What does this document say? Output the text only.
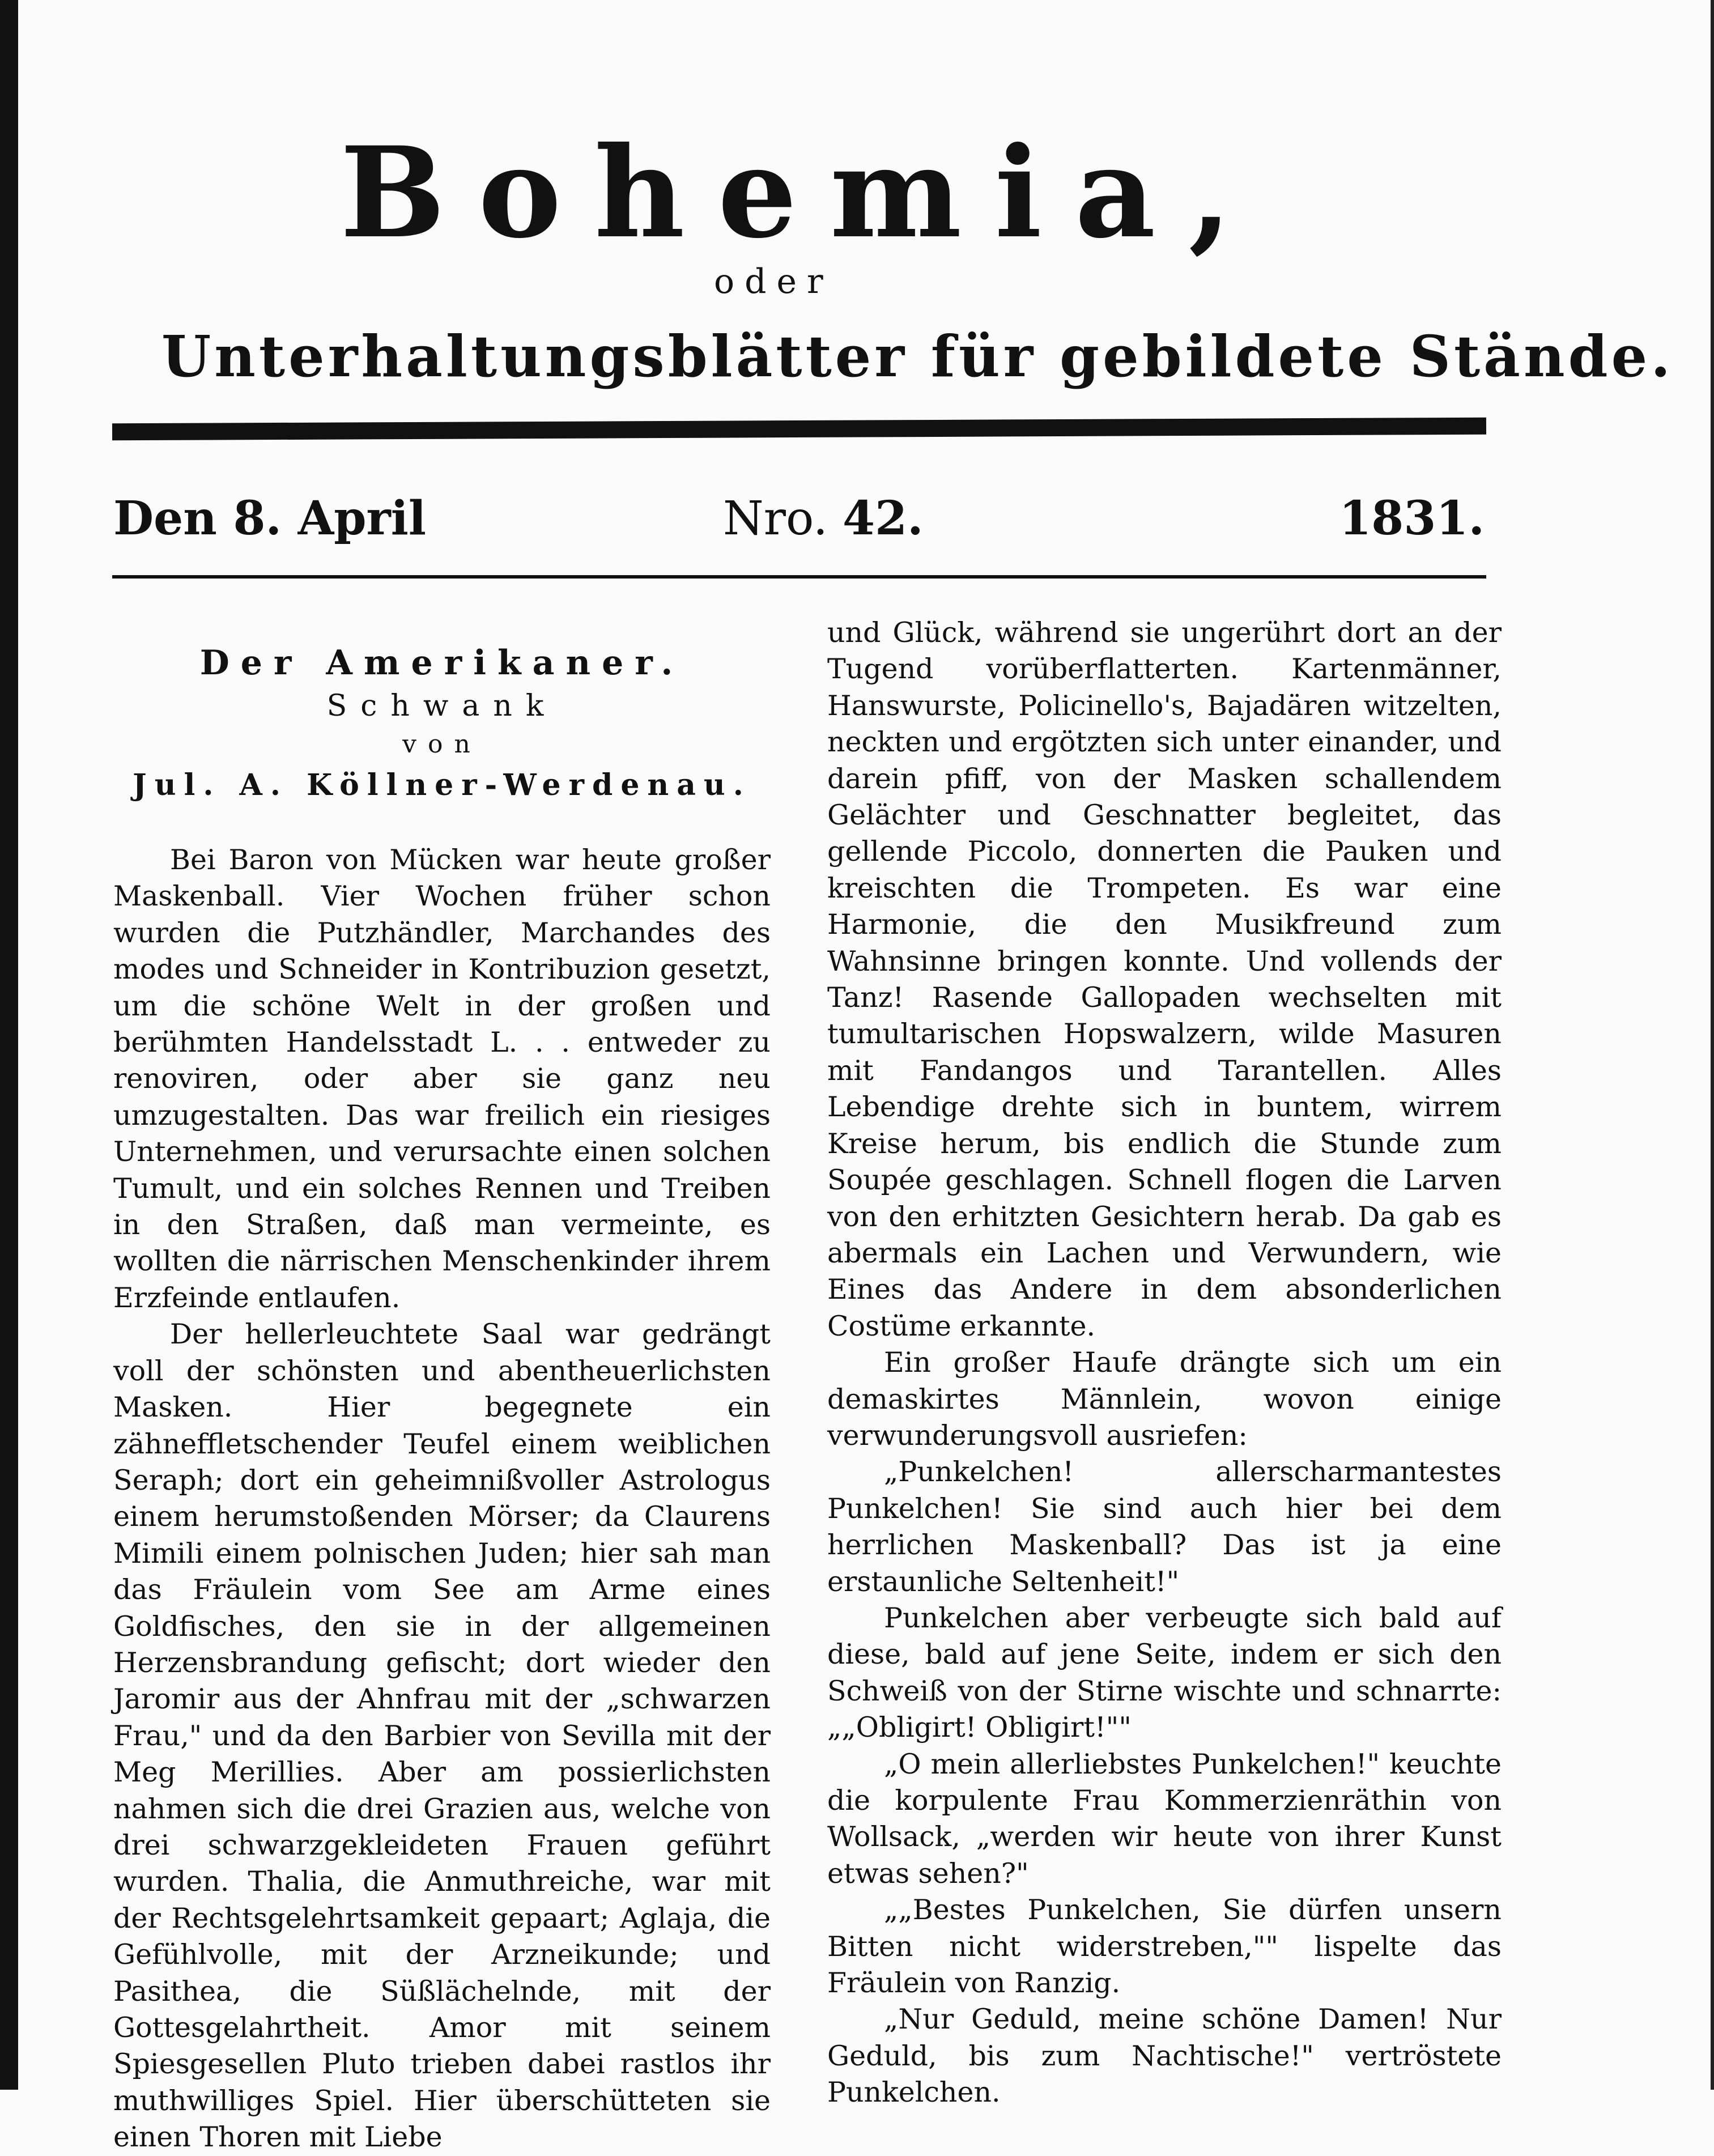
Bohemia,
oder
Unterhaltungsblätter für gebildete Stände.
Den 8. April	Nro. 42.	1831.
Der Amerikaner.
Schwank
von
Jul. A. Köllner-Werdenau.

Bei Baron von Mücken war heute großer Maskenball. Vier Wochen früher schon wurden die Putzhändler, Marchandes des modes und Schneider in Kontribuzion gesetzt, um die schöne Welt in der großen und berühmten Handelsstadt L. . . entweder zu renoviren, oder aber sie ganz neu umzugestalten. Das war freilich ein riesiges Unternehmen, und verursachte einen solchen Tumult, und ein solches Rennen und Treiben in den Straßen, daß man vermeinte, es wollten die närrischen Menschenkinder ihrem Erzfeinde entlaufen.

Der hellerleuchtete Saal war gedrängt voll der schönsten und abentheuerlichsten Masken. Hier begegnete ein zähneffletschender Teufel einem weiblichen Seraph; dort ein geheimnißvoller Astrologus einem herumstoßenden Mörser; da Claurens Mimili einem polnischen Juden; hier sah man das Fräulein vom See am Arme eines Goldfisches, den sie in der allgemeinen Herzensbrandung gefischt; dort wieder den Jaromir aus der Ahnfrau mit der „schwarzen Frau," und da den Barbier von Sevilla mit der Meg Merillies. Aber am possierlichsten nahmen sich die drei Grazien aus, welche von drei schwarzgekleideten Frauen geführt wurden. Thalia, die Anmuthreiche, war mit der Rechtsgelehrtsamkeit gepaart; Aglaja, die Gefühlvolle, mit der Arzneikunde; und Pasithea, die Süßlächelnde, mit der Gottesgelahrtheit. Amor mit seinem Spiesgesellen Pluto trieben dabei rastlos ihr muthwilliges Spiel. Hier überschütteten sie einen Thoren mit Liebe

und Glück, während sie ungerührt dort an der Tugend vorüberflatterten. Kartenmänner, Hanswurste, Policinello's, Bajadären witzelten, neckten und ergötzten sich unter einander, und darein pfiff, von der Masken schallendem Gelächter und Geschnatter begleitet, das gellende Piccolo, donnerten die Pauken und kreischten die Trompeten. Es war eine Harmonie, die den Musikfreund zum Wahnsinne bringen konnte. Und vollends der Tanz! Rasende Gallopaden wechselten mit tumultarischen Hopswalzern, wilde Masuren mit Fandangos und Tarantellen. Alles Lebendige drehte sich in buntem, wirrem Kreise herum, bis endlich die Stunde zum Soupée geschlagen. Schnell flogen die Larven von den erhitzten Gesichtern herab. Da gab es abermals ein Lachen und Verwundern, wie Eines das Andere in dem absonderlichen Costüme erkannte.

Ein großer Haufe drängte sich um ein demaskirtes Männlein, wovon einige verwunderungsvoll ausriefen:

„Punkelchen! allerscharmantestes Punkelchen! Sie sind auch hier bei dem herrlichen Maskenball? Das ist ja eine erstaunliche Seltenheit!"

Punkelchen aber verbeugte sich bald auf diese, bald auf jene Seite, indem er sich den Schweiß von der Stirne wischte und schnarrte: „„Obligirt! Obligirt!""

„O mein allerliebstes Punkelchen!" keuchte die korpulente Frau Kommerzienräthin von Wollsack, „werden wir heute von ihrer Kunst etwas sehen?"

„„Bestes Punkelchen, Sie dürfen unsern Bitten nicht widerstreben,"" lispelte das Fräulein von Ranzig.

„Nur Geduld, meine schöne Damen! Nur Geduld, bis zum Nachtische!" vertröstete Punkelchen.
